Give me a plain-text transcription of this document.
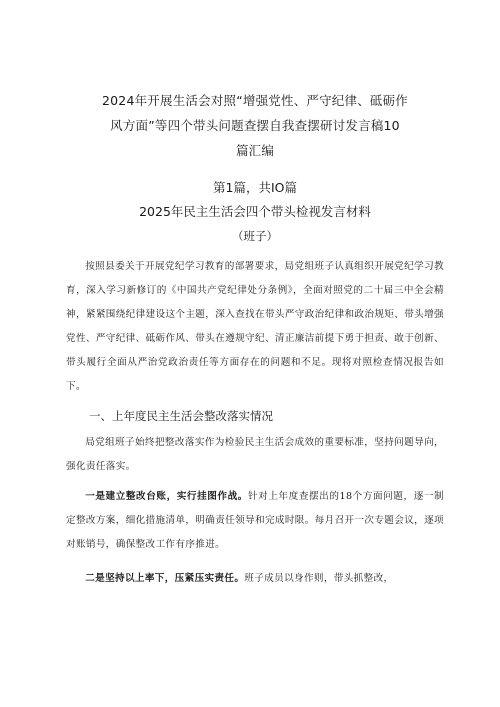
2024年开展生活会对照“增强党性、严守纪律、砥砺作
风方面”等四个带头问题查摆自我查摆研讨发言稿10
篇汇编
第1篇，共IO篇
2025年民主生活会四个带头检视发言材料
（班子）

按照县委关于开展党纪学习教育的部署要求，局党组班子认真组织开展党纪学习教育，深入学习新修订的《中国共产党纪律处分条例》，全面对照党的二十届三中全会精神，紧紧围绕纪律建设这个主题，深入查找在带头严守政治纪律和政治规矩、带头增强党性、严守纪律、砥砺作风、带头在遵规守纪、清正廉洁前提下勇于担责、敢于创新、带头履行全面从严治党政治责任等方面存在的问题和不足。现将对照检查情况报告如下。

一、上年度民主生活会整改落实情况

局党组班子始终把整改落实作为检验民主生活会成效的重要标准，坚持问题导向，强化责任落实。

一是建立整改台账，实行挂图作战。针对上年度查摆出的18个方面问题，逐一制定整改方案，细化措施清单，明确责任领导和完成时限。每月召开一次专题会议，逐项对账销号，确保整改工作有序推进。

二是坚持以上率下，压紧压实责任。班子成员以身作则，带头抓整改，
